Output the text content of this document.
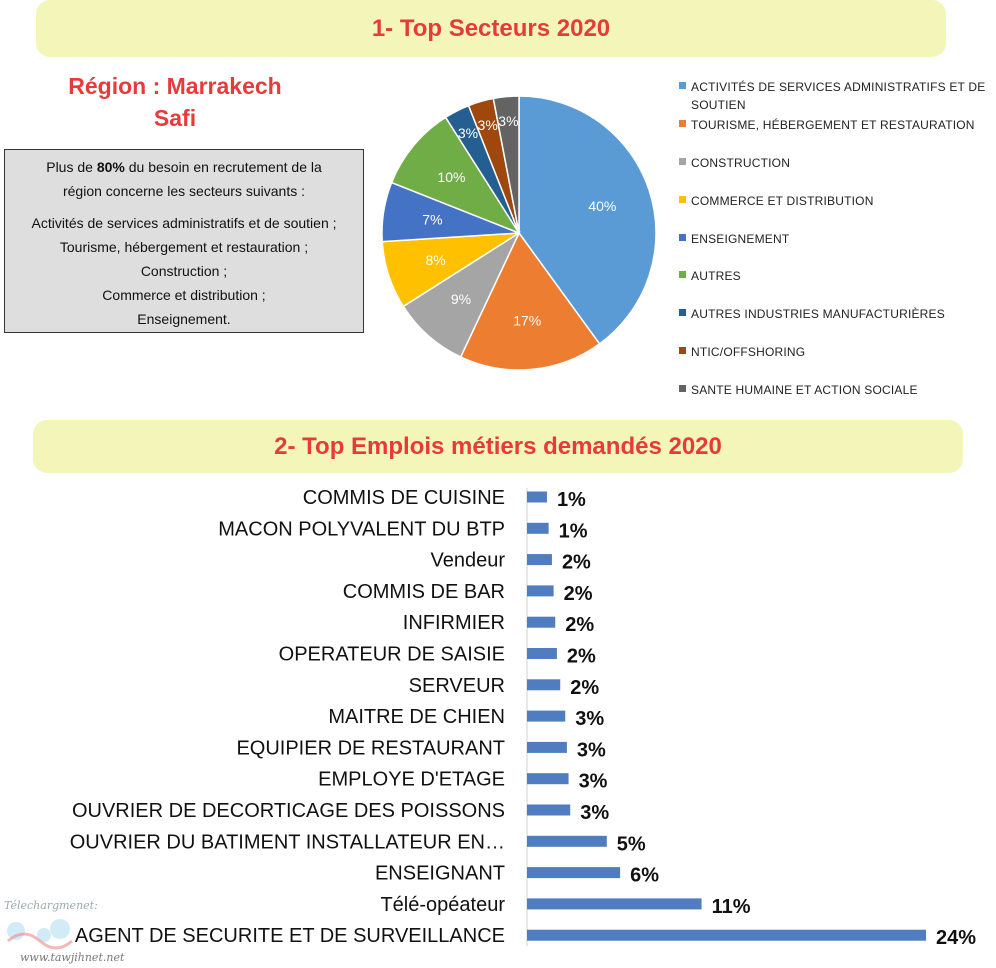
1- Top Secteurs 2020
Région : Marrakech
Safi

Plus de 80% du besoin en recrutement de la

région concerne les secteurs suivants :

Activités de services administratifs et de soutien ;

Tourisme, hébergement et restauration ;

Construction ;

Commerce et distribution ;

Enseignement.

40%
17%
9%
8%
7%
10%
3% 3% 3%
ACTIVITÉS DE SERVICES ADMINISTRATIFS ET DE SOUTIEN
TOURISME, HÉBERGEMENT ET RESTAURATION
CONSTRUCTION
COMMERCE ET DISTRIBUTION
ENSEIGNEMENT
AUTRES
AUTRES INDUSTRIES MANUFACTURIÈRES
NTIC/OFFSHORING
SANTE HUMAINE ET ACTION SOCIALE
2- Top Emplois métiers demandés 2020
COMMIS DE CUISINE	1%
MACON POLYVALENT DU BTP	1%
Vendeur	2%
COMMIS DE BAR	2%
INFIRMIER	2%
OPERATEUR DE SAISIE	2%
SERVEUR	2%
MAITRE DE CHIEN	3%
EQUIPIER DE RESTAURANT	3%
EMPLOYE D'ETAGE	3%
OUVRIER DE DECORTICAGE DES POISSONS	3%
OUVRIER DU BATIMENT INSTALLATEUR EN…	5%
ENSEIGNANT	6%
Télé-opéateur	11%
AGENT DE SECURITE ET DE SURVEILLANCE	24%
Télechargmenet:
www.tawjihnet.net
